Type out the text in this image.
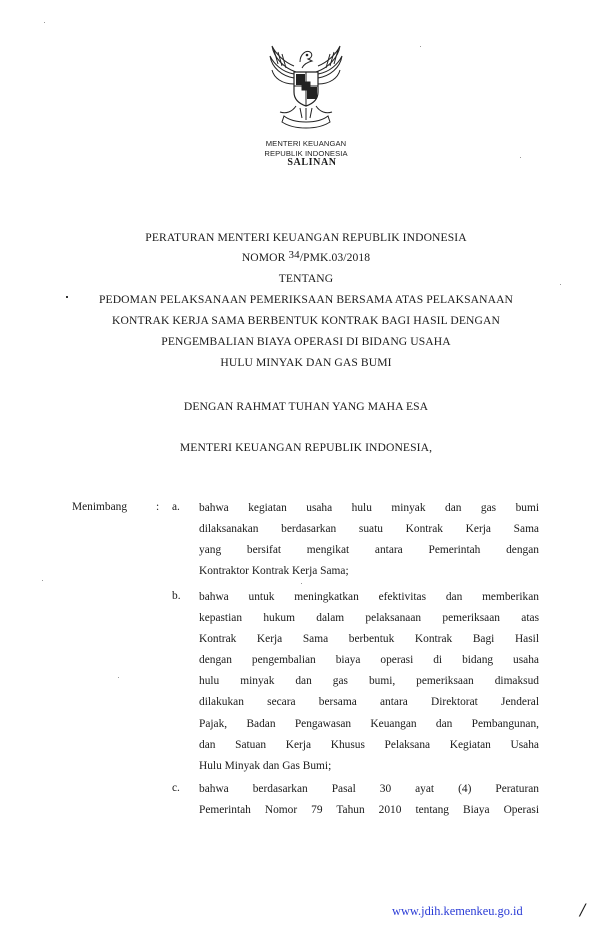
MENTERI KEUANGAN
REPUBLIK INDONESIA
SALINAN
PERATURAN MENTERI KEUANGAN REPUBLIK INDONESIA
NOMOR 34/PMK.03/2018
TENTANG
PEDOMAN PELAKSANAAN PEMERIKSAAN BERSAMA ATAS PELAKSANAAN
KONTRAK KERJA SAMA BERBENTUK KONTRAK BAGI HASIL DENGAN
PENGEMBALIAN BIAYA OPERASI DI BIDANG USAHA
HULU MINYAK DAN GAS BUMI
DENGAN RAHMAT TUHAN YANG MAHA ESA
MENTERI KEUANGAN REPUBLIK INDONESIA,
Menimbang	: a. bahwa kegiatan usaha hulu minyak dan gas bumi
dilaksanakan berdasarkan suatu Kontrak Kerja Sama
yang bersifat mengikat antara Pemerintah dengan
Kontraktor Kontrak Kerja Sama;
b. bahwa untuk meningkatkan efektivitas dan memberikan
kepastian hukum dalam pelaksanaan pemeriksaan atas
Kontrak Kerja Sama berbentuk Kontrak Bagi Hasil
dengan pengembalian biaya operasi di bidang usaha
hulu minyak dan gas bumi, pemeriksaan dimaksud
dilakukan secara bersama antara Direktorat Jenderal
Pajak, Badan Pengawasan Keuangan dan Pembangunan,
dan Satuan Kerja Khusus Pelaksana Kegiatan Usaha
Hulu Minyak dan Gas Bumi;
c. bahwa berdasarkan Pasal 30 ayat (4) Peraturan
Pemerintah Nomor 79 Tahun 2010 tentang Biaya Operasi
www.jdih.kemenkeu.go.id	/
